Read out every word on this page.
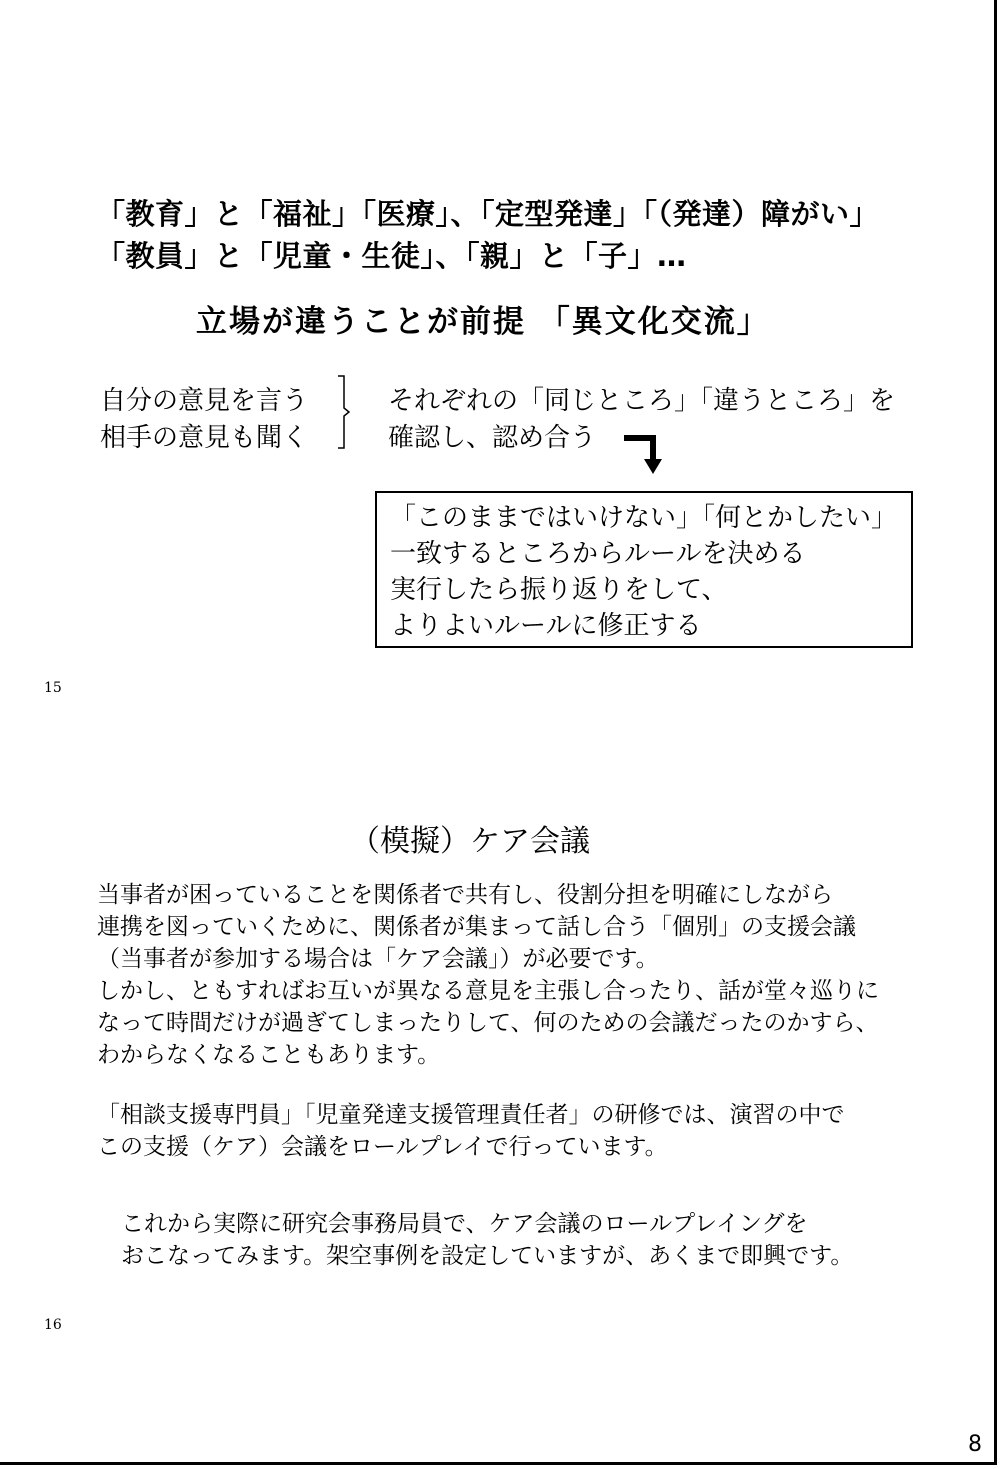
「教育」と「福祉」「医療」、「定型発達」「（発達）障がい」
「教員」と「児童・生徒」、「親」と「子」…
立場が違うことが前提 「異文化交流」
自分の意見を言う
相手の意見も聞く
それぞれの「同じところ」「違うところ」を
確認し、認め合う
「このままではいけない」「何とかしたい」
一致するところからルールを決める
実行したら振り返りをして、
よりよいルールに修正する
15
（模擬）ケア会議
当事者が困っていることを関係者で共有し、役割分担を明確にしながら
連携を図っていくために、関係者が集まって話し合う「個別」の支援会議
（当事者が参加する場合は「ケア会議」）が必要です。
しかし、ともすればお互いが異なる意見を主張し合ったり、話が堂々巡りに
なって時間だけが過ぎてしまったりして、何のための会議だったのかすら、
わからなくなることもあります。
「相談支援専門員」「児童発達支援管理責任者」の研修では、演習の中で
この支援（ケア）会議をロールプレイで行っています。
これから実際に研究会事務局員で、ケア会議のロールプレイングを
おこなってみます。架空事例を設定していますが、あくまで即興です。
16
8
